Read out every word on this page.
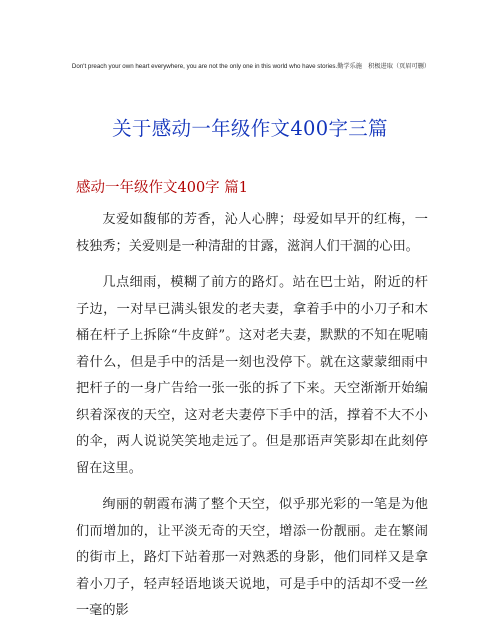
Don't preach your own heart everywhere, you are not the only one in this world who have stories.勤学乐施　积极进取（页眉可删）
关于感动一年级作文400字三篇
感动一年级作文400字 篇1

友爱如馥郁的芳香，沁人心脾；母爱如早开的红梅，一枝独秀；关爱则是一种清甜的甘露，滋润人们干涸的心田。

几点细雨，模糊了前方的路灯。站在巴士站，附近的杆子边，一对早已满头银发的老夫妻，拿着手中的小刀子和木桶在杆子上拆除“牛皮鲜”。这对老夫妻，默默的不知在呢喃着什么，但是手中的活是一刻也没停下。就在这蒙蒙细雨中把杆子的一身广告给一张一张的拆了下来。天空渐渐开始编织着深夜的天空，这对老夫妻停下手中的活，撑着不大不小的伞，两人说说笑笑地走远了。但是那语声笑影却在此刻停留在这里。

绚丽的朝霞布满了整个天空，似乎那光彩的一笔是为他们而增加的，让平淡无奇的天空，增添一份靓丽。走在繁闹的街市上，路灯下站着那一对熟悉的身影，他们同样又是拿着小刀子，轻声轻语地谈天说地，可是手中的活却不受一丝一毫的影
